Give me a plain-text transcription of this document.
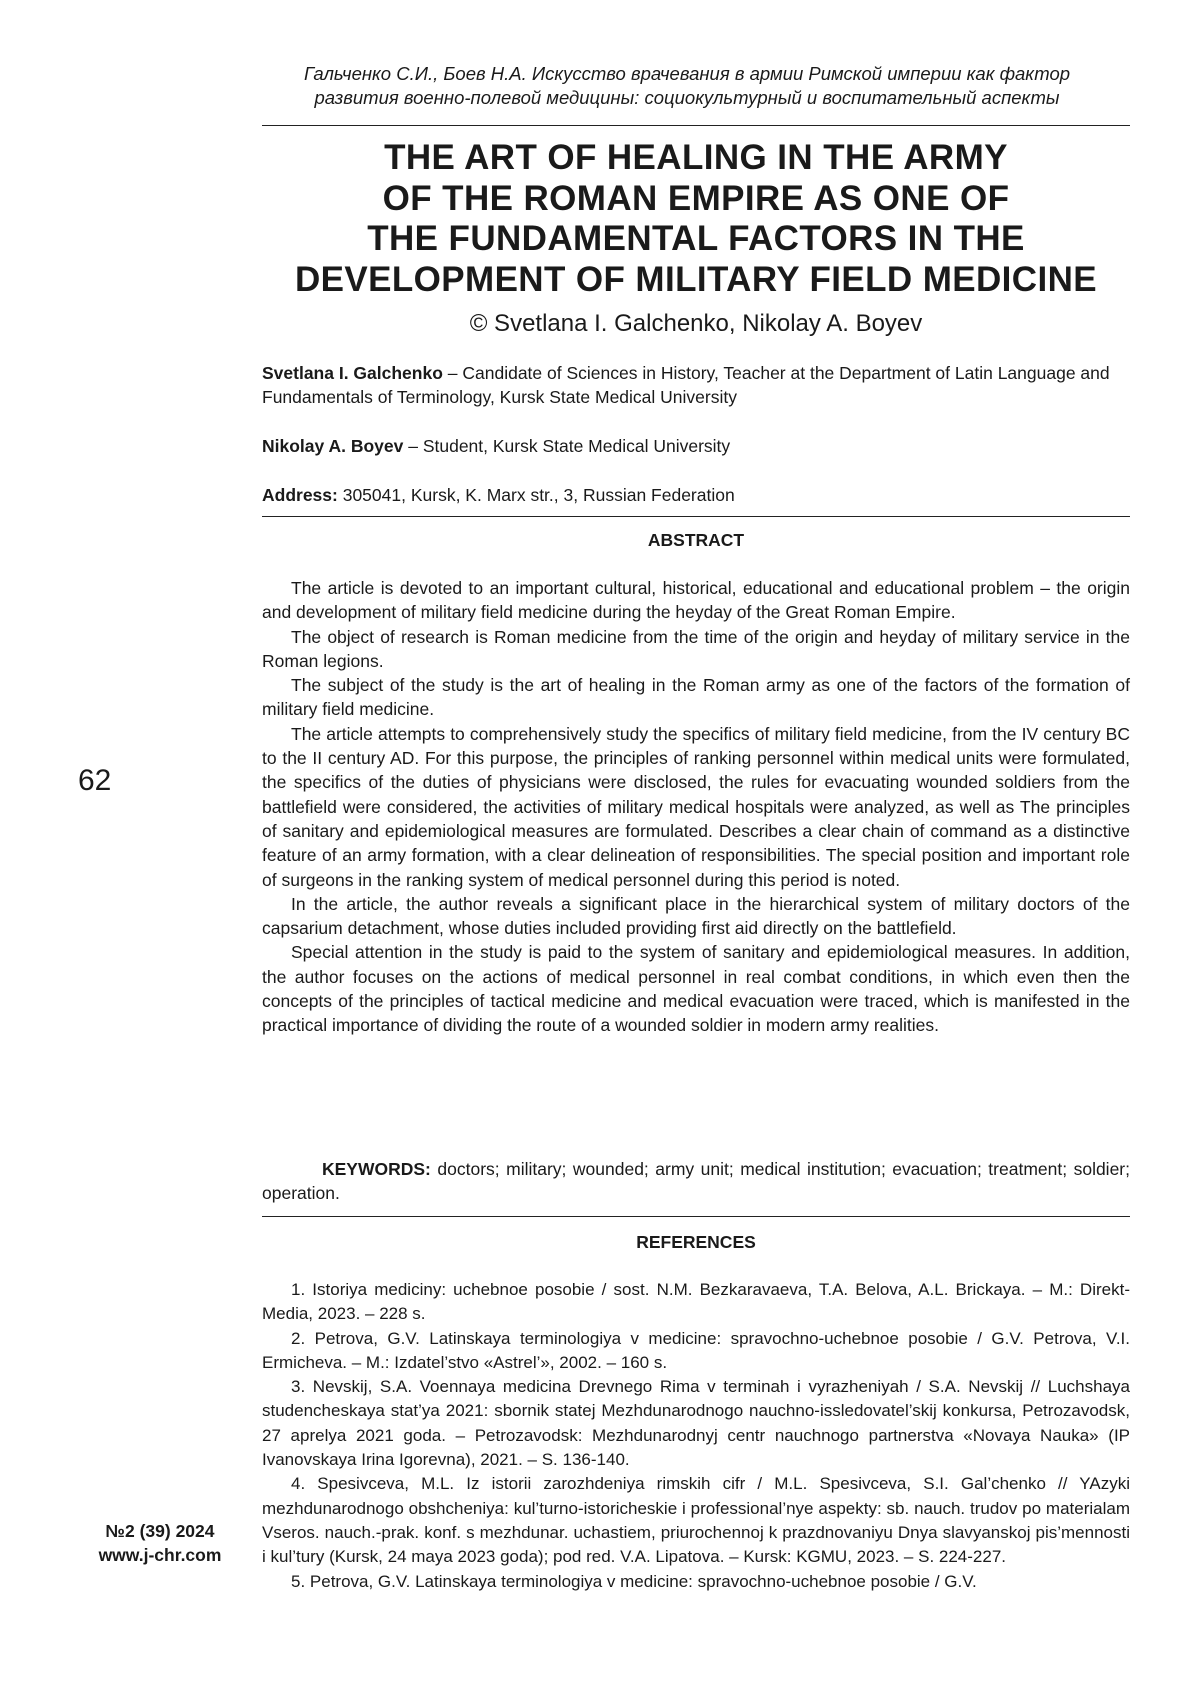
Гальченко С.И., Боев Н.А. Искусство врачевания в армии Римской империи как фактор
развития военно-полевой медицины: социокультурный и воспитательный аспекты
THE ART OF HEALING IN THE ARMY
OF THE ROMAN EMPIRE AS ONE OF
THE FUNDAMENTAL FACTORS IN THE
DEVELOPMENT OF MILITARY FIELD MEDICINE
© Svetlana I. Galchenko, Nikolay A. Boyev
Svetlana I. Galchenko – Candidate of Sciences in History, Teacher at the Department of Latin Language and Fundamentals of Terminology, Kursk State Medical University
Nikolay A. Boyev – Student, Kursk State Medical University
Address: 305041, Kursk, K. Marx str., 3, Russian Federation
ABSTRACT

The article is devoted to an important cultural, historical, educational and educational problem – the origin and development of military field medicine during the heyday of the Great Roman Empire.

The object of research is Roman medicine from the time of the origin and heyday of military service in the Roman legions.

The subject of the study is the art of healing in the Roman army as one of the factors of the formation of military field medicine.

The article attempts to comprehensively study the specifics of military field medicine, from the IV century BC to the II century AD. For this purpose, the principles of ranking personnel within medical units were formulated, the specifics of the duties of physicians were disclosed, the rules for evacuating wounded soldiers from the battlefield were considered, the activities of military medical hospitals were analyzed, as well as The principles of sanitary and epidemiological measures are formulated. Describes a clear chain of command as a distinctive feature of an army formation, with a clear delineation of responsibilities. The special position and important role of surgeons in the ranking system of medical personnel during this period is noted.

In the article, the author reveals a significant place in the hierarchical system of military doctors of the capsarium detachment, whose duties included providing first aid directly on the battlefield.

Special attention in the study is paid to the system of sanitary and epidemiological measures. In addition, the author focuses on the actions of medical personnel in real combat conditions, in which even then the concepts of the principles of tactical medicine and medical evacuation were traced, which is manifested in the practical importance of dividing the route of a wounded soldier in modern army realities.

KEYWORDS: doctors; military; wounded; army unit; medical institution; evacuation; treatment; soldier; operation.
REFERENCES

1. Istoriya mediciny: uchebnoe posobie / sost. N.M. Bezkaravaeva, T.A. Belova, A.L. Brickaya. – M.: Direkt-Media, 2023. – 228 s.

2. Petrova, G.V. Latinskaya terminologiya v medicine: spravochno-uchebnoe posobie / G.V. Petrova, V.I. Ermicheva. – M.: Izdatel’stvo «Astrel’», 2002. – 160 s.

3. Nevskij, S.A. Voennaya medicina Drevnego Rima v terminah i vyrazheniyah / S.A. Nevskij // Luchshaya studencheskaya stat’ya 2021: sbornik statej Mezhdunarodnogo nauchno-issledovatel’skij konkursa, Petrozavodsk, 27 aprelya 2021 goda. – Petrozavodsk: Mezhdunarodnyj centr nauchnogo partnerstva «Novaya Nauka» (IP Ivanovskaya Irina Igorevna), 2021. – S. 136-140.

4. Spesivceva, M.L. Iz istorii zarozhdeniya rimskih cifr / M.L. Spesivceva, S.I. Gal’chenko // YAzyki mezhdunarodnogo obshcheniya: kul’turno-istoricheskie i professional’nye aspekty: sb. nauch. trudov po materialam Vseros. nauch.-prak. konf. s mezhdunar. uchastiem, priurochennoj k prazdnovaniyu Dnya slavyanskoj pis’mennosti i kul’tury (Kursk, 24 maya 2023 goda); pod red. V.A. Lipatova. – Kursk: KGMU, 2023. – S. 224-227.

5. Petrova, G.V. Latinskaya terminologiya v medicine: spravochno-uchebnoe posobie / G.V.

62
№2 (39) 2024
www.j-chr.com
